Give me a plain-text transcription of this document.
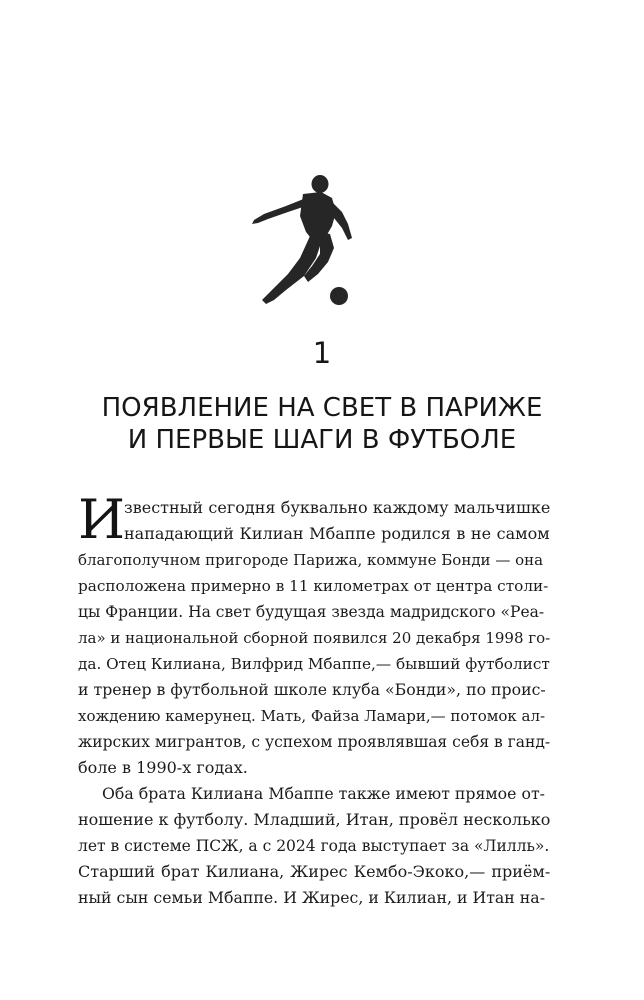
1
ПОЯВЛЕНИЕ НА СВЕТ В ПАРИЖЕ
И ПЕРВЫЕ ШАГИ В ФУТБОЛЕ
И
звестный сегодня буквально каждому мальчишке
нападающий Килиан Мбаппе родился в не самом
благополучном пригороде Парижа, коммуне Бонди — она
расположена примерно в 11 километрах от центра столи-
цы Франции. На свет будущая звезда мадридского «Реа-
ла» и национальной сборной появился 20 декабря 1998 го-
да. Отец Килиана, Вилфрид Мбаппе,— бывший футболист
и тренер в футбольной школе клуба «Бонди», по проис-
хождению камерунец. Мать, Файза Ламари,— потомок ал-
жирских мигрантов, с успехом проявлявшая себя в ганд-
боле в 1990-х годах.
Оба брата Килиана Мбаппе также имеют прямое от-
ношение к футболу. Младший, Итан, провёл несколько
лет в системе ПСЖ, а с 2024 года выступает за «Лилль».
Старший брат Килиана, Жирес Кембо-Экоко,— приём-
ный сын семьи Мбаппе. И Жирес, и Килиан, и Итан на-
